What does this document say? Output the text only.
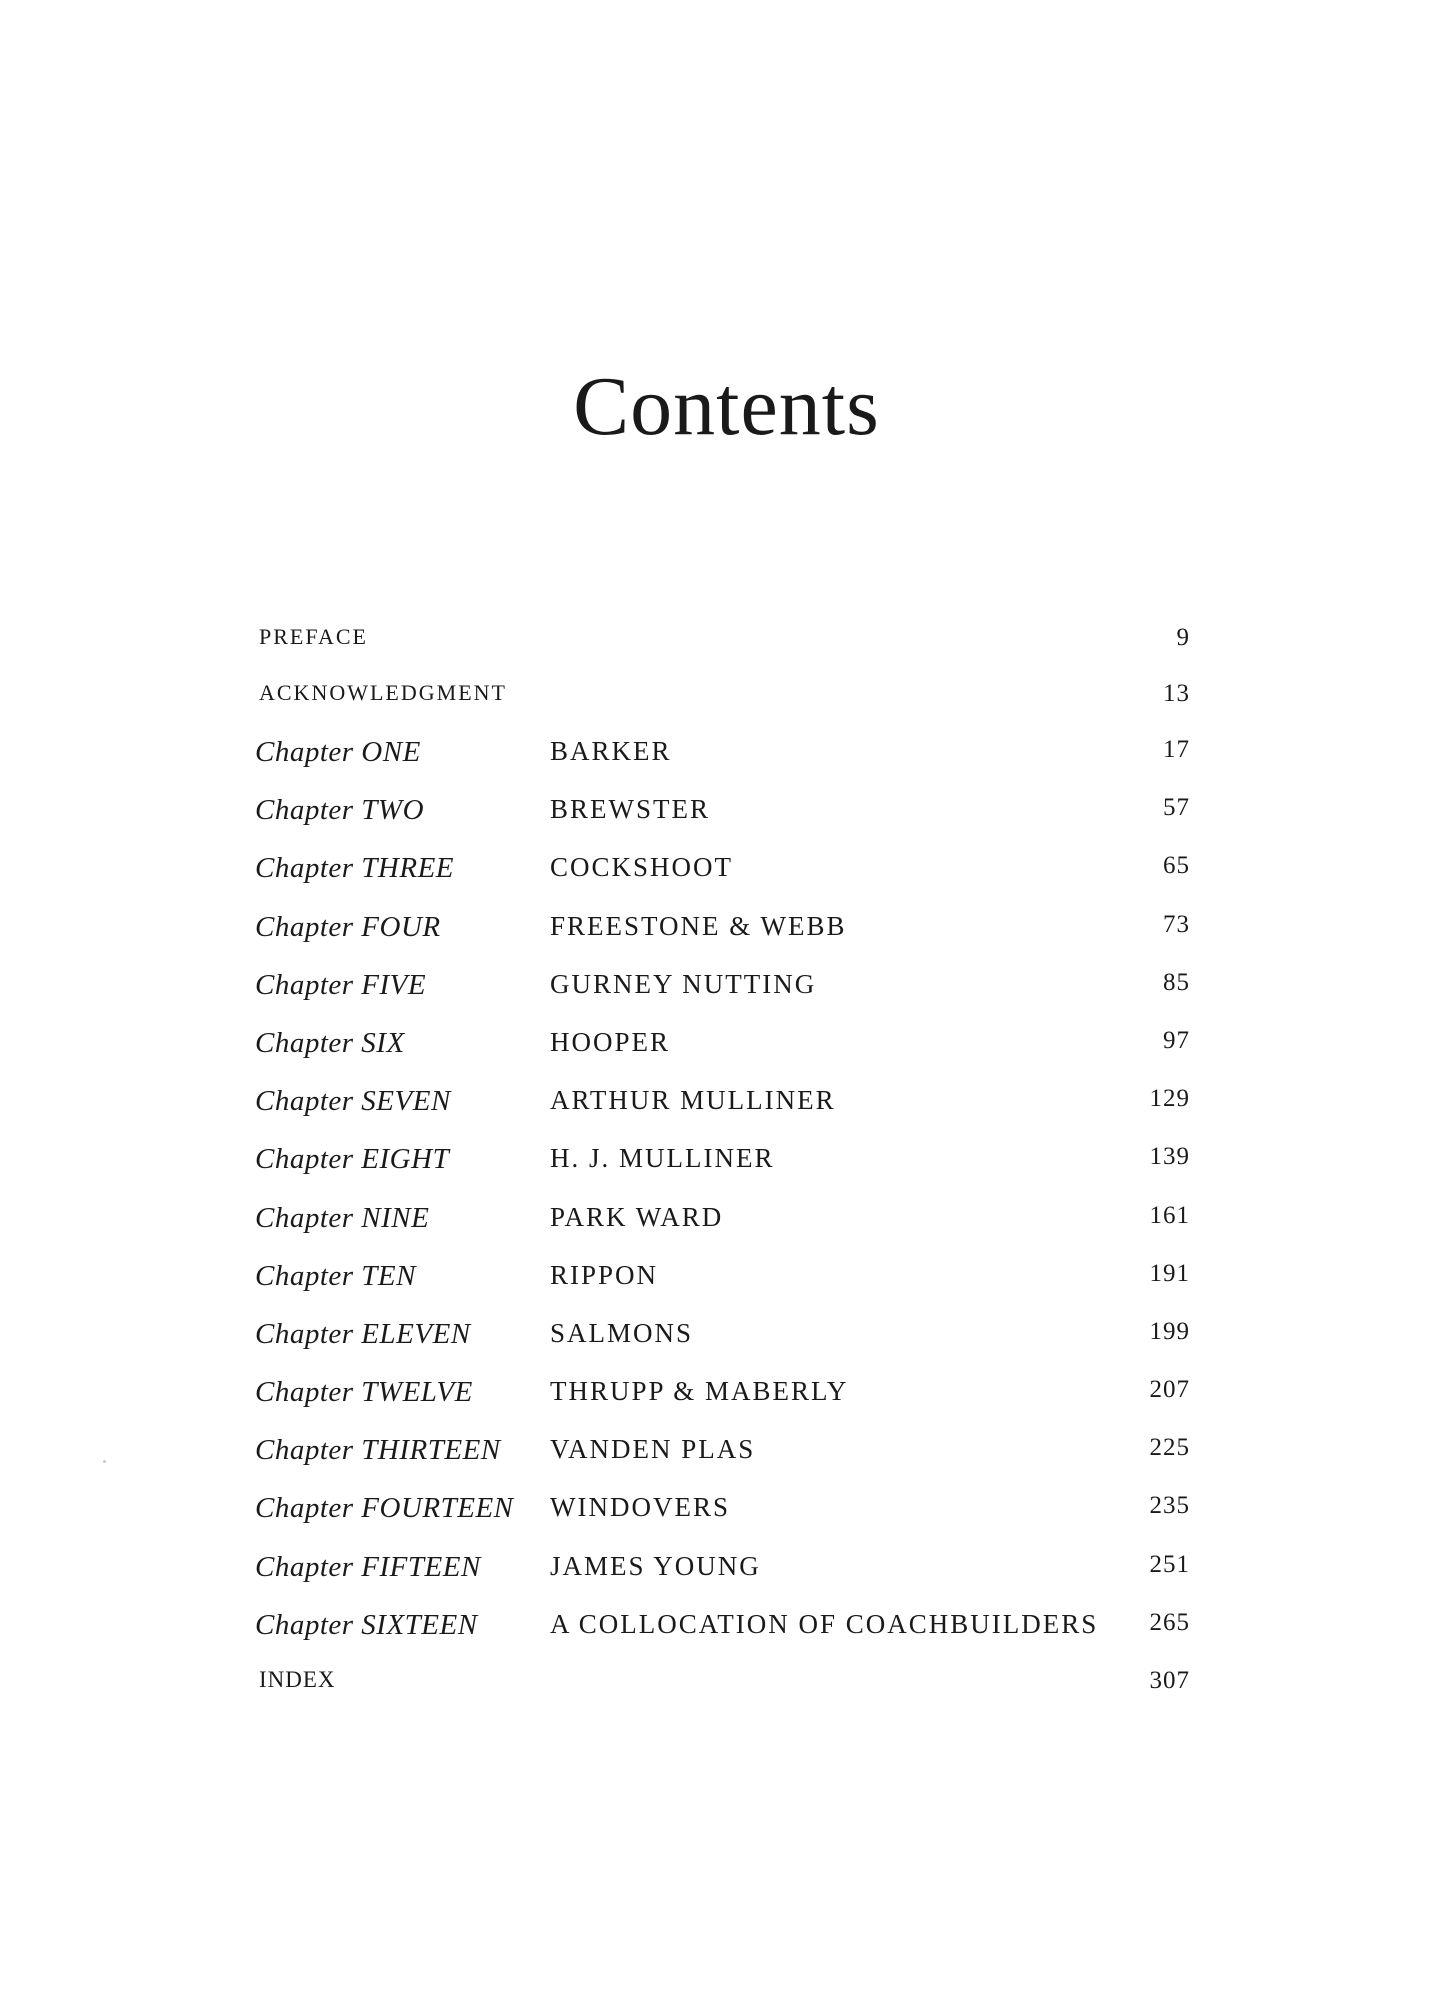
Contents
PREFACE	9
ACKNOWLEDGMENT	13
Chapter ONE	BARKER	17
Chapter TWO	BREWSTER	57
Chapter THREE	COCKSHOOT	65
Chapter FOUR	FREESTONE & WEBB	73
Chapter FIVE	GURNEY NUTTING	85
Chapter SIX	HOOPER	97
Chapter SEVEN	ARTHUR MULLINER	129
Chapter EIGHT	H. J. MULLINER	139
Chapter NINE	PARK WARD	161
Chapter TEN	RIPPON	191
Chapter ELEVEN	SALMONS	199
Chapter TWELVE	THRUPP & MABERLY	207
Chapter THIRTEEN VANDEN PLAS	225
Chapter FOURTEEN WINDOVERS	235
Chapter FIFTEEN	JAMES YOUNG	251
Chapter SIXTEEN	A COLLOCATION OF COACHBUILDERS 265
INDEX	307
